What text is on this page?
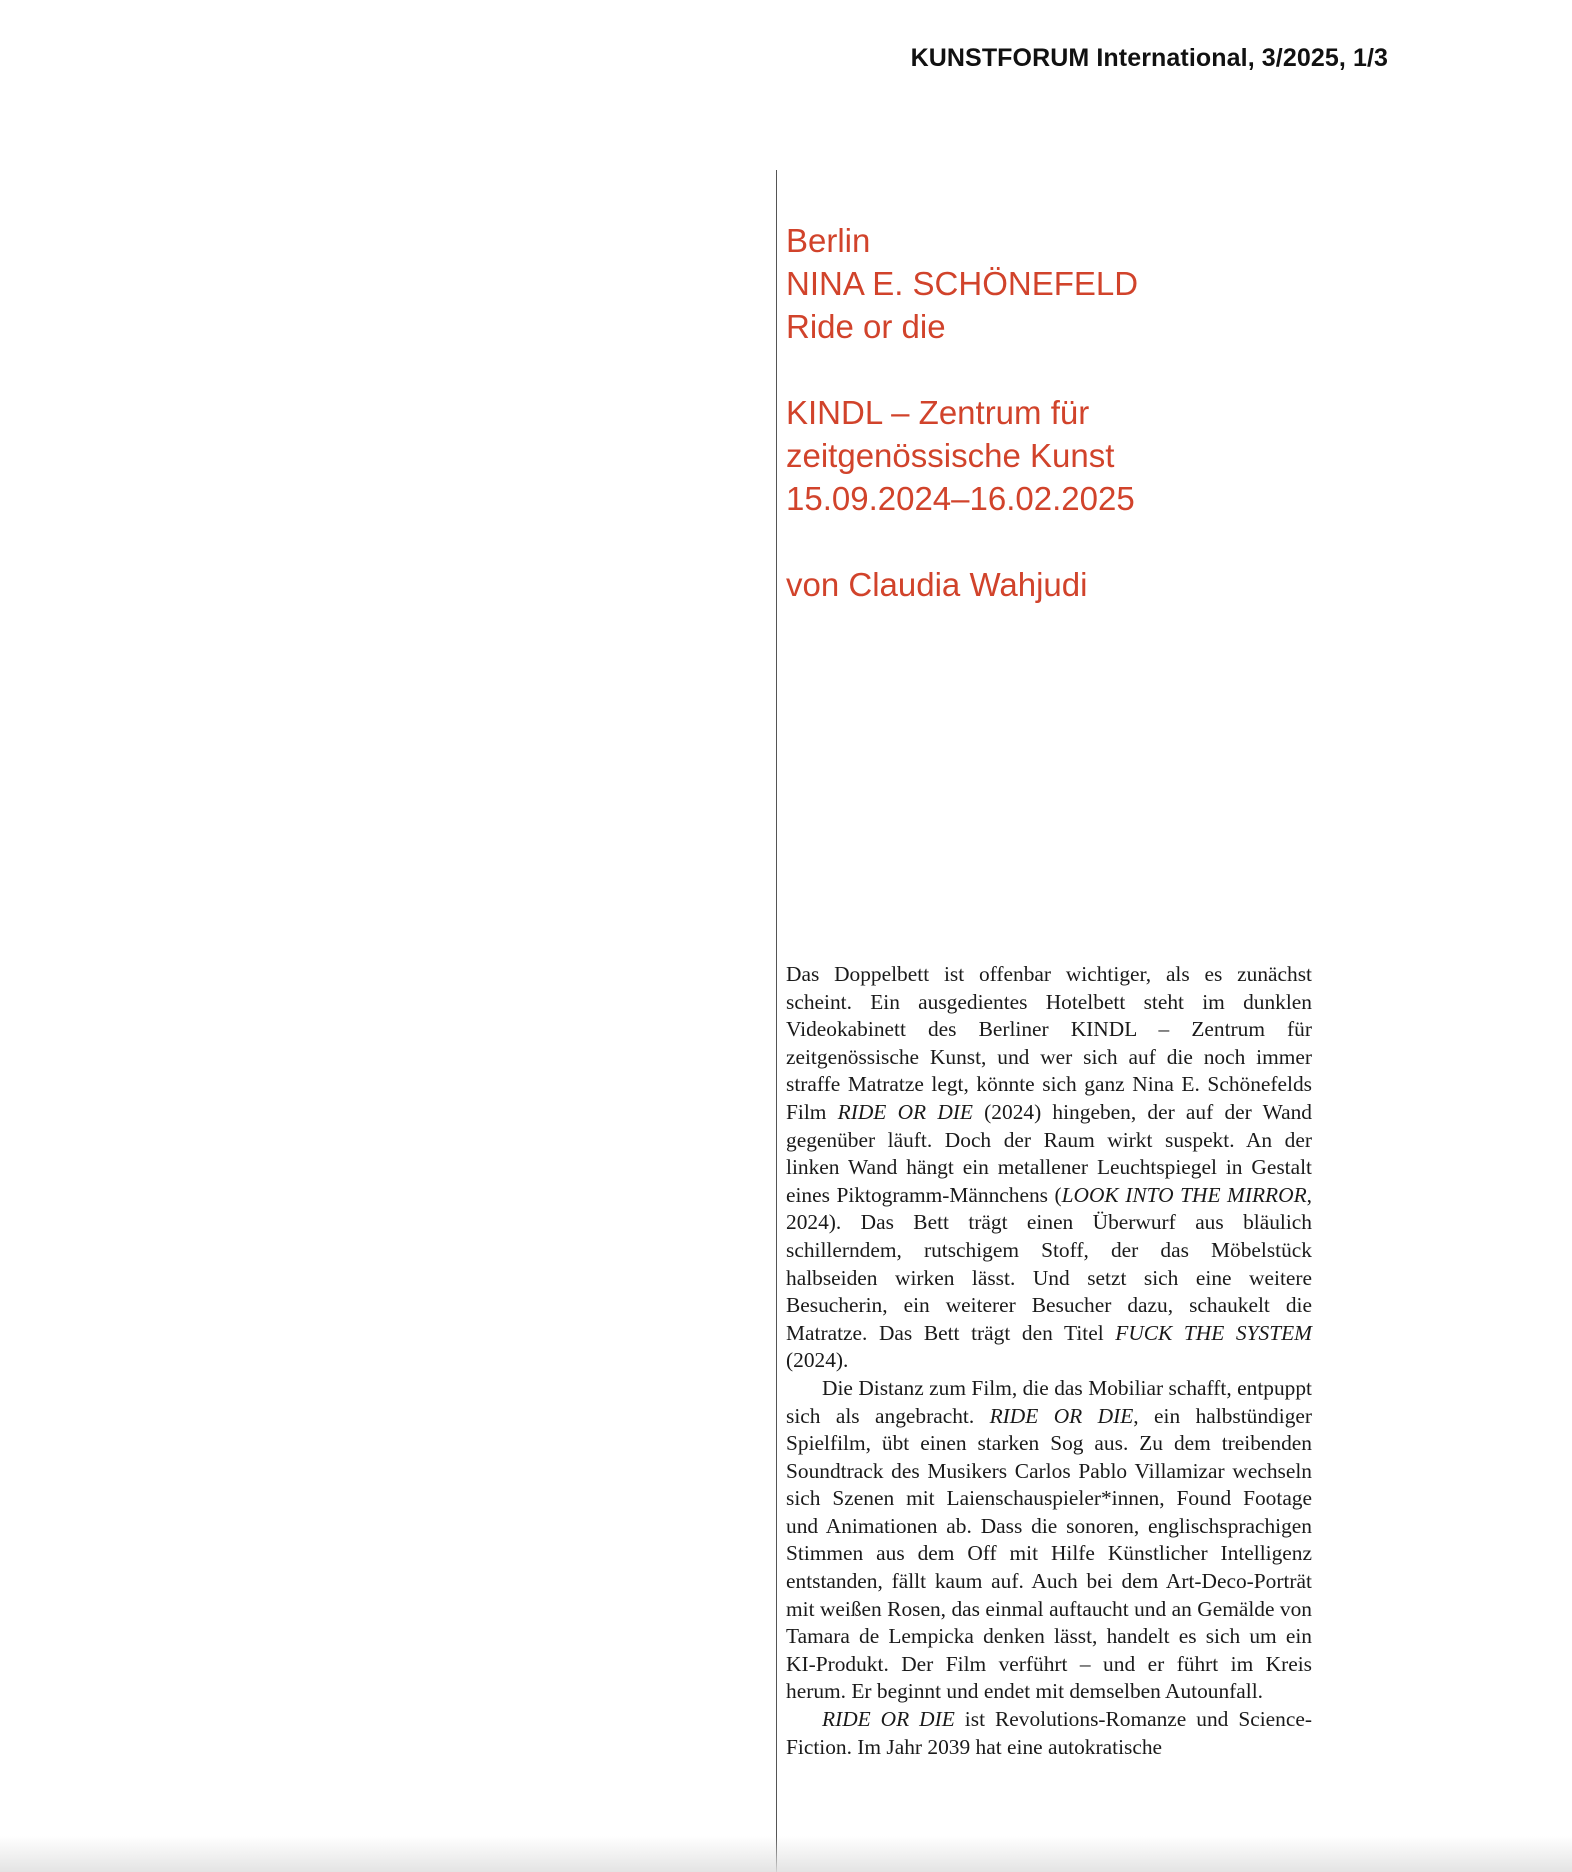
KUNSTFORUM International, 3/2025, 1/3
Berlin
NINA E. SCHÖNEFELD
Ride or die
KINDL – Zentrum für
zeitgenössische Kunst
15.09.2024–16.02.2025
von Claudia Wahjudi

Das Doppelbett ist offenbar wichtiger, als es zunächst scheint. Ein ausgedientes Hotelbett steht im dunklen Videokabinett des Berliner KINDL – Zentrum für zeitgenössische Kunst, und wer sich auf die noch immer straffe Matratze legt, könnte sich ganz Nina E. Schönefelds Film RIDE OR DIE (2024) hingeben, der auf der Wand gegenüber läuft. Doch der Raum wirkt suspekt. An der linken Wand hängt ein metallener Leuchtspiegel in Gestalt eines Piktogramm-Männchens (LOOK INTO THE MIRROR, 2024). Das Bett trägt einen Überwurf aus bläulich schillerndem, rutschigem Stoff, der das Möbelstück halbseiden wirken lässt. Und setzt sich eine weitere Besucherin, ein weiterer Besucher dazu, schaukelt die Matratze. Das Bett trägt den Titel FUCK THE SYSTEM (2024).

Die Distanz zum Film, die das Mobiliar schafft, entpuppt sich als angebracht. RIDE OR DIE, ein halbstündiger Spielfilm, übt einen starken Sog aus. Zu dem treibenden Soundtrack des Musikers Carlos Pablo Villamizar wechseln sich Szenen mit Laienschauspieler*innen, Found Footage und Animationen ab. Dass die sonoren, englischsprachigen Stimmen aus dem Off mit Hilfe Künstlicher Intelligenz entstanden, fällt kaum auf. Auch bei dem Art-Deco-Porträt mit weißen Rosen, das einmal auftaucht und an Gemälde von Tamara de Lempicka denken lässt, handelt es sich um ein KI-Produkt. Der Film verführt – und er führt im Kreis herum. Er beginnt und endet mit demselben Autounfall.

RIDE OR DIE ist Revolutions-Romanze und Science-Fiction. Im Jahr 2039 hat eine autokratische
